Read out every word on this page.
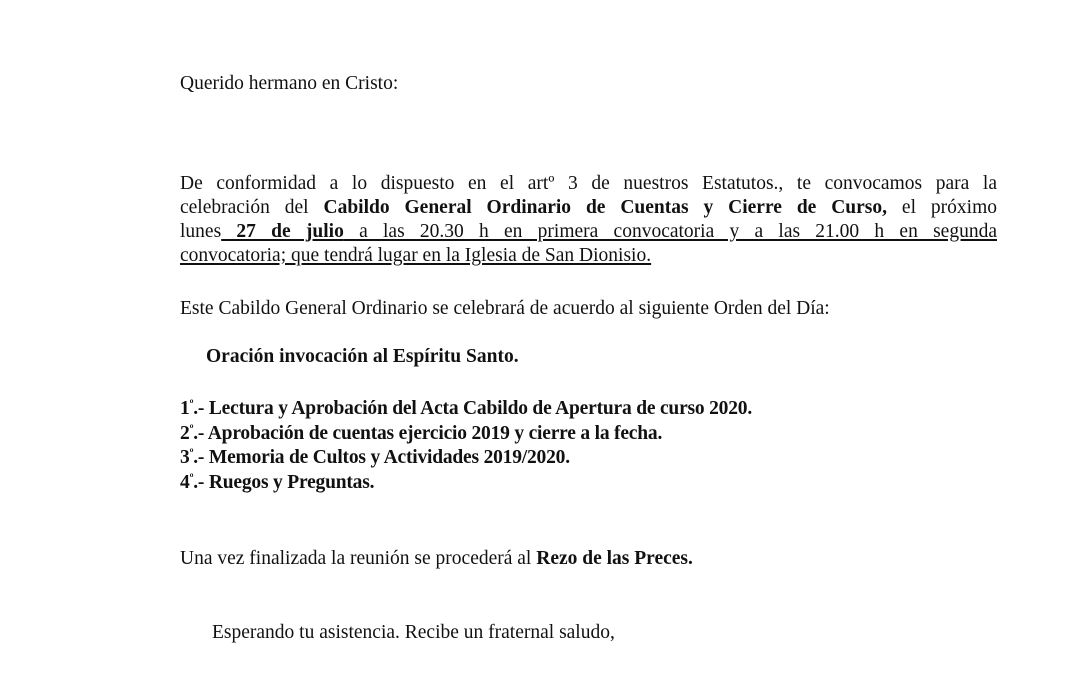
Querido hermano en Cristo:
De conformidad a lo dispuesto en el artº 3 de nuestros Estatutos., te convocamos para la
celebración del Cabildo General Ordinario de Cuentas y Cierre de Curso, el próximo
lunes 27 de julio a las 20.30 h en primera convocatoria y a las 21.00 h en segunda
convocatoria; que tendrá lugar en la Iglesia de San Dionisio.
Este Cabildo General Ordinario se celebrará de acuerdo al siguiente Orden del Día:
Oración invocación al Espíritu Santo.
$1^º.-$ Lectura y Aprobación del Acta Cabildo de Apertura de curso 2020.
$2^º.-$ Aprobación de cuentas ejercicio 2019 y cierre a la fecha.
$3^º.-$ Memoria de Cultos y Actividades 2019/2020.
$4^º.-$ Ruegos y Preguntas.
Una vez finalizada la reunión se procederá al Rezo de las Preces.
Esperando tu asistencia. Recibe un fraternal saludo,
